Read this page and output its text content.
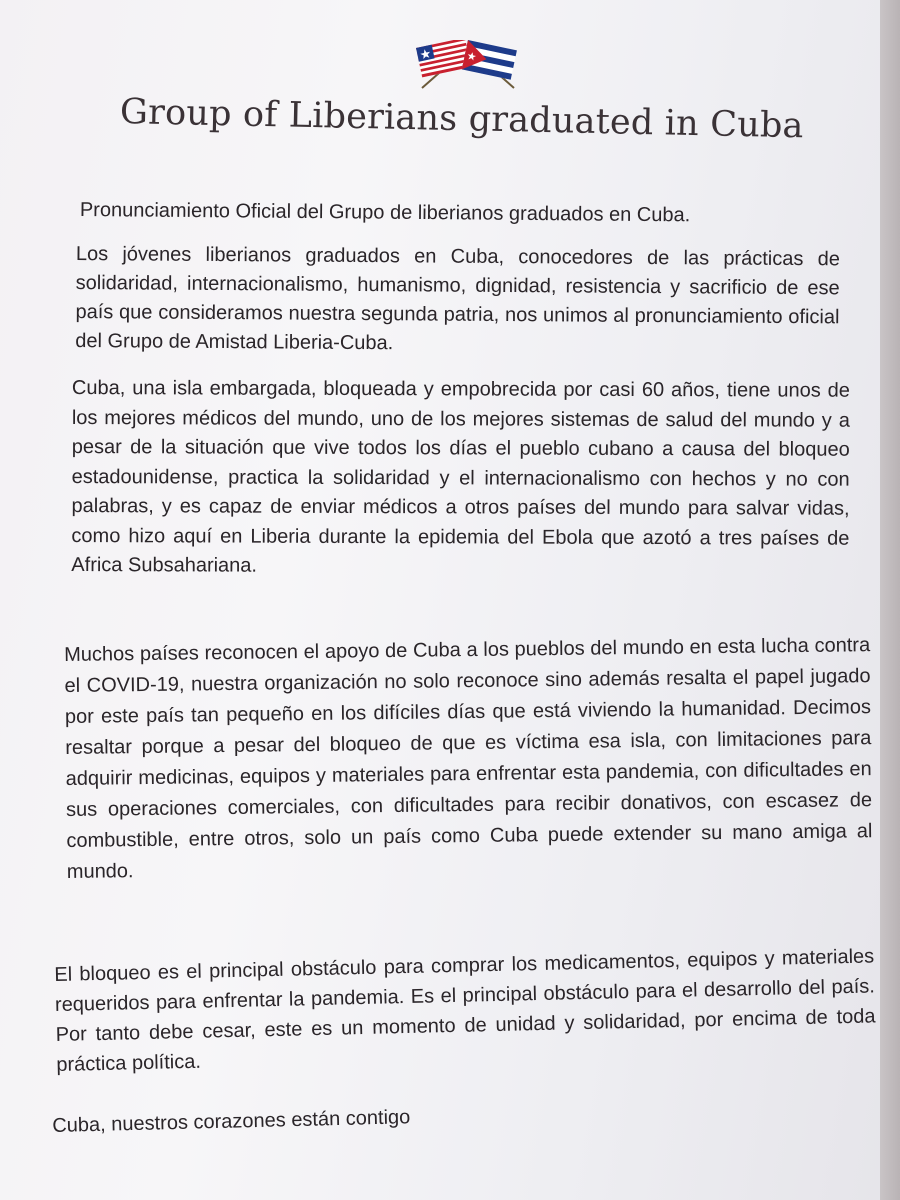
Group of Liberians graduated in Cuba

Pronunciamiento Oficial del Grupo de liberianos graduados en Cuba.

Los jóvenes liberianos graduados en Cuba, conocedores de las prácticas de solidaridad, internacionalismo, humanismo, dignidad, resistencia y sacrificio de ese país que consideramos nuestra segunda patria, nos unimos al pronunciamiento oficial del Grupo de Amistad Liberia-Cuba.

Cuba, una isla embargada, bloqueada y empobrecida por casi 60 años, tiene unos de los mejores médicos del mundo, uno de los mejores sistemas de salud del mundo y a pesar de la situación que vive todos los días el pueblo cubano a causa del bloqueo estadounidense, practica la solidaridad y el internacionalismo con hechos y no con palabras, y es capaz de enviar médicos a otros países del mundo para salvar vidas, como hizo aquí en Liberia durante la epidemia del Ebola que azotó a tres países de Africa Subsahariana.

Muchos países reconocen el apoyo de Cuba a los pueblos del mundo en esta lucha contra el COVID-19, nuestra organización no solo reconoce sino además resalta el papel jugado por este país tan pequeño en los difíciles días que está viviendo la humanidad. Decimos resaltar porque a pesar del bloqueo de que es víctima esa isla, con limitaciones para adquirir medicinas, equipos y materiales para enfrentar esta pandemia, con dificultades en sus operaciones comerciales, con dificultades para recibir donativos, con escasez de combustible, entre otros, solo un país como Cuba puede extender su mano amiga al mundo.

El bloqueo es el principal obstáculo para comprar los medicamentos, equipos y materiales requeridos para enfrentar la pandemia. Es el principal obstáculo para el desarrollo del país. Por tanto debe cesar, este es un momento de unidad y solidaridad, por encima de toda práctica política.

Cuba, nuestros corazones están contigo
